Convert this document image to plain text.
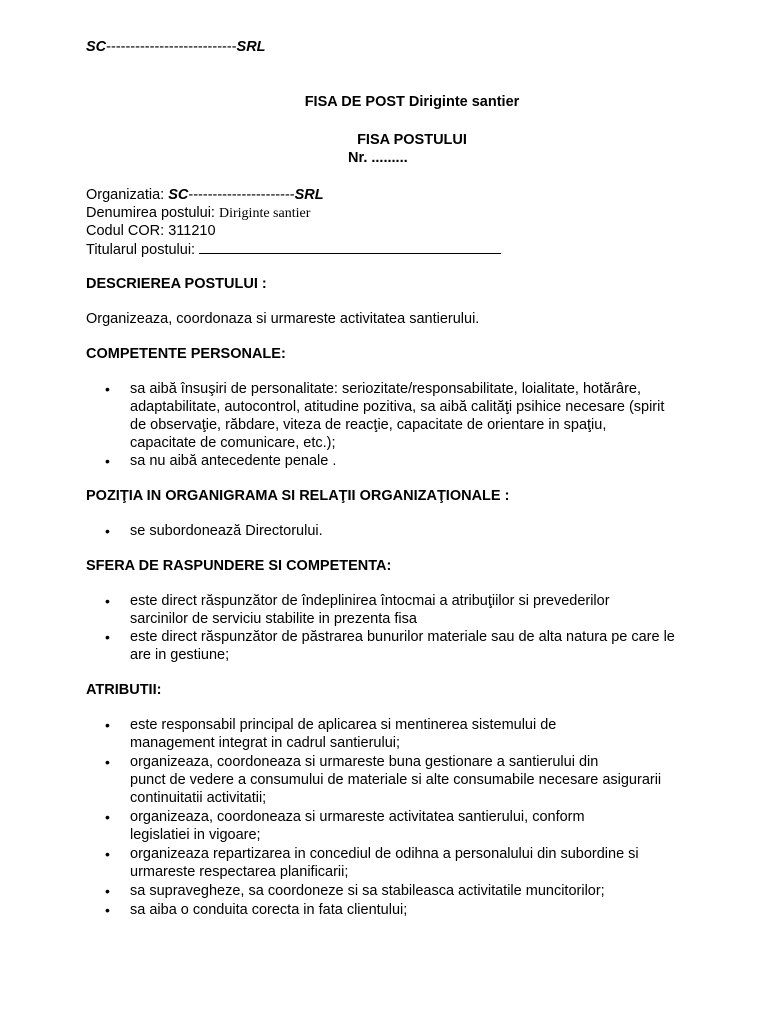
SC---------------------------SRL
FISA DE POST Diriginte santier
FISA POSTULUI
Nr. .........
Organizatia: SC----------------------SRL
Denumirea postului: Diriginte santier
Codul COR: 311210
Titularul postului:
DESCRIEREA POSTULUI :
Organizeaza, coordonaza si urmareste activitatea santierului.
COMPETENTE PERSONALE:
• sa aibă însuşiri de personalitate: seriozitate/responsabilitate, loialitate, hotărâre,
adaptabilitate, autocontrol, atitudine pozitiva, sa aibă calităţi psihice necesare (spirit
de observaţie, răbdare, viteza de reacţie, capacitate de orientare in spaţiu,
capacitate de comunicare, etc.);
• sa nu aibă antecedente penale .
POZIŢIA IN ORGANIGRAMA SI RELAŢII ORGANIZAŢIONALE :
• se subordonează Directorului.
SFERA DE RASPUNDERE SI COMPETENTA:
• este direct răspunzător de îndeplinirea întocmai a atribuţiilor si prevederilor
sarcinilor de serviciu stabilite in prezenta fisa
• este direct răspunzător de păstrarea bunurilor materiale sau de alta natura pe care le
are in gestiune;
ATRIBUTII:
• este responsabil principal de aplicarea si mentinerea sistemului de
management integrat in cadrul santierului;
• organizeaza, coordoneaza si urmareste buna gestionare a santierului din
punct de vedere a consumului de materiale si alte consumabile necesare asigurarii
continuitatii activitatii;
• organizeaza, coordoneaza si urmareste activitatea santierului, conform
legislatiei in vigoare;
• organizeaza repartizarea in concediul de odihna a personalului din subordine si
urmareste respectarea planificarii;
• sa supravegheze, sa coordoneze si sa stabileasca activitatile muncitorilor;
• sa aiba o conduita corecta in fata clientului;
